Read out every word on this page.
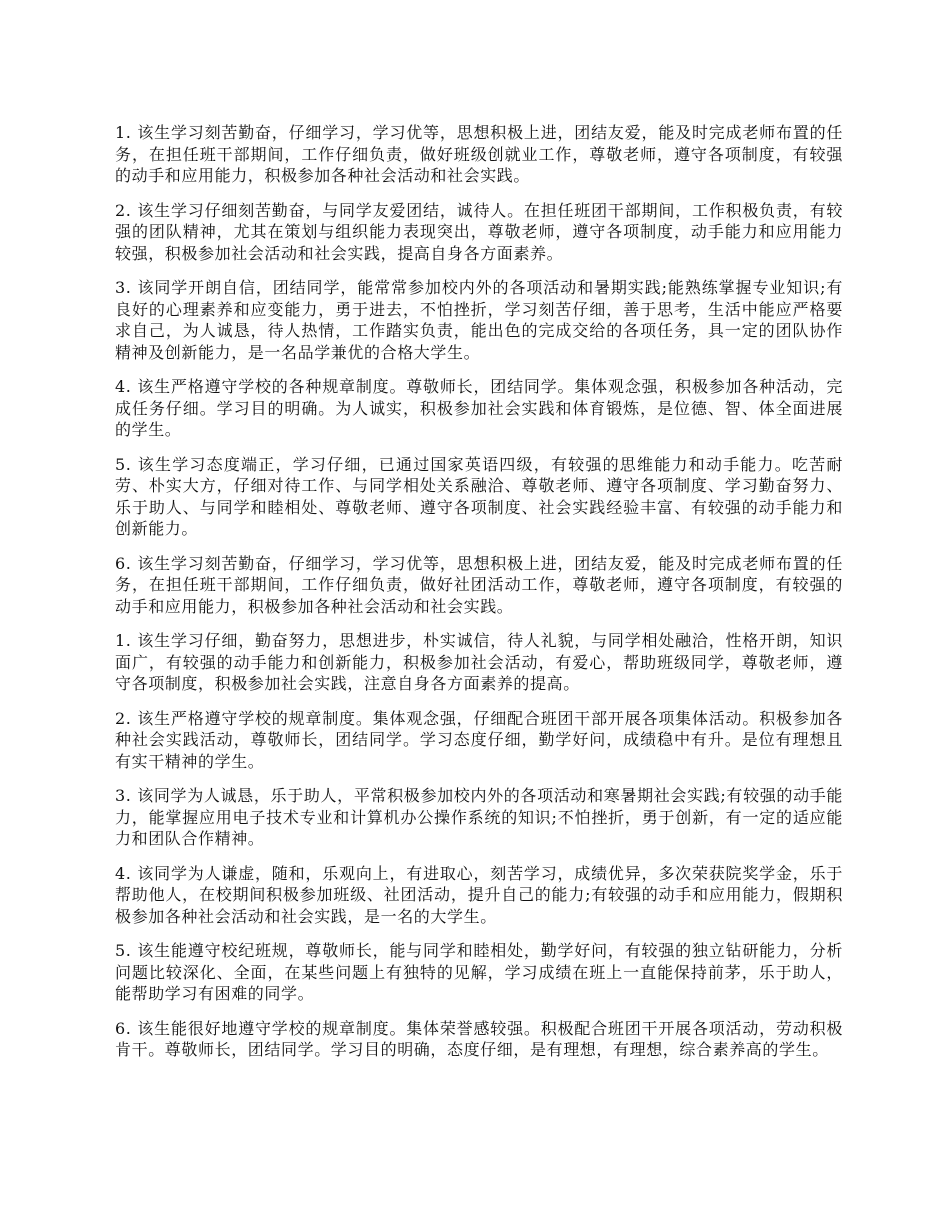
1. 该生学习刻苦勤奋，仔细学习，学习优等，思想积极上进，团结友爱，能及时完成老师布置的任务，在担任班干部期间，工作仔细负责，做好班级创就业工作，尊敬老师，遵守各项制度，有较强的动手和应用能力，积极参加各种社会活动和社会实践。

2. 该生学习仔细刻苦勤奋，与同学友爱团结，诚待人。在担任班团干部期间，工作积极负责，有较强的团队精神，尤其在策划与组织能力表现突出，尊敬老师，遵守各项制度，动手能力和应用能力较强，积极参加社会活动和社会实践，提高自身各方面素养。

3. 该同学开朗自信，团结同学，能常常参加校内外的各项活动和暑期实践;能熟练掌握专业知识;有良好的心理素养和应变能力，勇于进去，不怕挫折，学习刻苦仔细，善于思考，生活中能应严格要求自己，为人诚恳，待人热情，工作踏实负责，能出色的完成交给的各项任务，具一定的团队协作精神及创新能力，是一名品学兼优的合格大学生。

4. 该生严格遵守学校的各种规章制度。尊敬师长，团结同学。集体观念强，积极参加各种活动，完成任务仔细。学习目的明确。为人诚实，积极参加社会实践和体育锻炼，是位德、智、体全面进展的学生。

5. 该生学习态度端正，学习仔细，已通过国家英语四级，有较强的思维能力和动手能力。吃苦耐劳、朴实大方，仔细对待工作、与同学相处关系融洽、尊敬老师、遵守各项制度、学习勤奋努力、乐于助人、与同学和睦相处、尊敬老师、遵守各项制度、社会实践经验丰富、有较强的动手能力和创新能力。

6. 该生学习刻苦勤奋，仔细学习，学习优等，思想积极上进，团结友爱，能及时完成老师布置的任务，在担任班干部期间，工作仔细负责，做好社团活动工作，尊敬老师，遵守各项制度，有较强的动手和应用能力，积极参加各种社会活动和社会实践。

1. 该生学习仔细，勤奋努力，思想进步，朴实诚信，待人礼貌，与同学相处融洽，性格开朗，知识面广，有较强的动手能力和创新能力，积极参加社会活动，有爱心，帮助班级同学，尊敬老师，遵守各项制度，积极参加社会实践，注意自身各方面素养的提高。

2. 该生严格遵守学校的规章制度。集体观念强，仔细配合班团干部开展各项集体活动。积极参加各种社会实践活动，尊敬师长，团结同学。学习态度仔细，勤学好问，成绩稳中有升。是位有理想且有实干精神的学生。

3. 该同学为人诚恳，乐于助人，平常积极参加校内外的各项活动和寒暑期社会实践;有较强的动手能力，能掌握应用电子技术专业和计算机办公操作系统的知识;不怕挫折，勇于创新，有一定的适应能力和团队合作精神。

4. 该同学为人谦虚，随和，乐观向上，有进取心，刻苦学习，成绩优异，多次荣获院奖学金，乐于帮助他人，在校期间积极参加班级、社团活动，提升自己的能力;有较强的动手和应用能力，假期积极参加各种社会活动和社会实践，是一名的大学生。

5. 该生能遵守校纪班规，尊敬师长，能与同学和睦相处，勤学好问，有较强的独立钻研能力，分析问题比较深化、全面，在某些问题上有独特的见解，学习成绩在班上一直能保持前茅，乐于助人，能帮助学习有困难的同学。

6. 该生能很好地遵守学校的规章制度。集体荣誉感较强。积极配合班团干开展各项活动，劳动积极肯干。尊敬师长，团结同学。学习目的明确，态度仔细，是有理想，有理想，综合素养高的学生。
